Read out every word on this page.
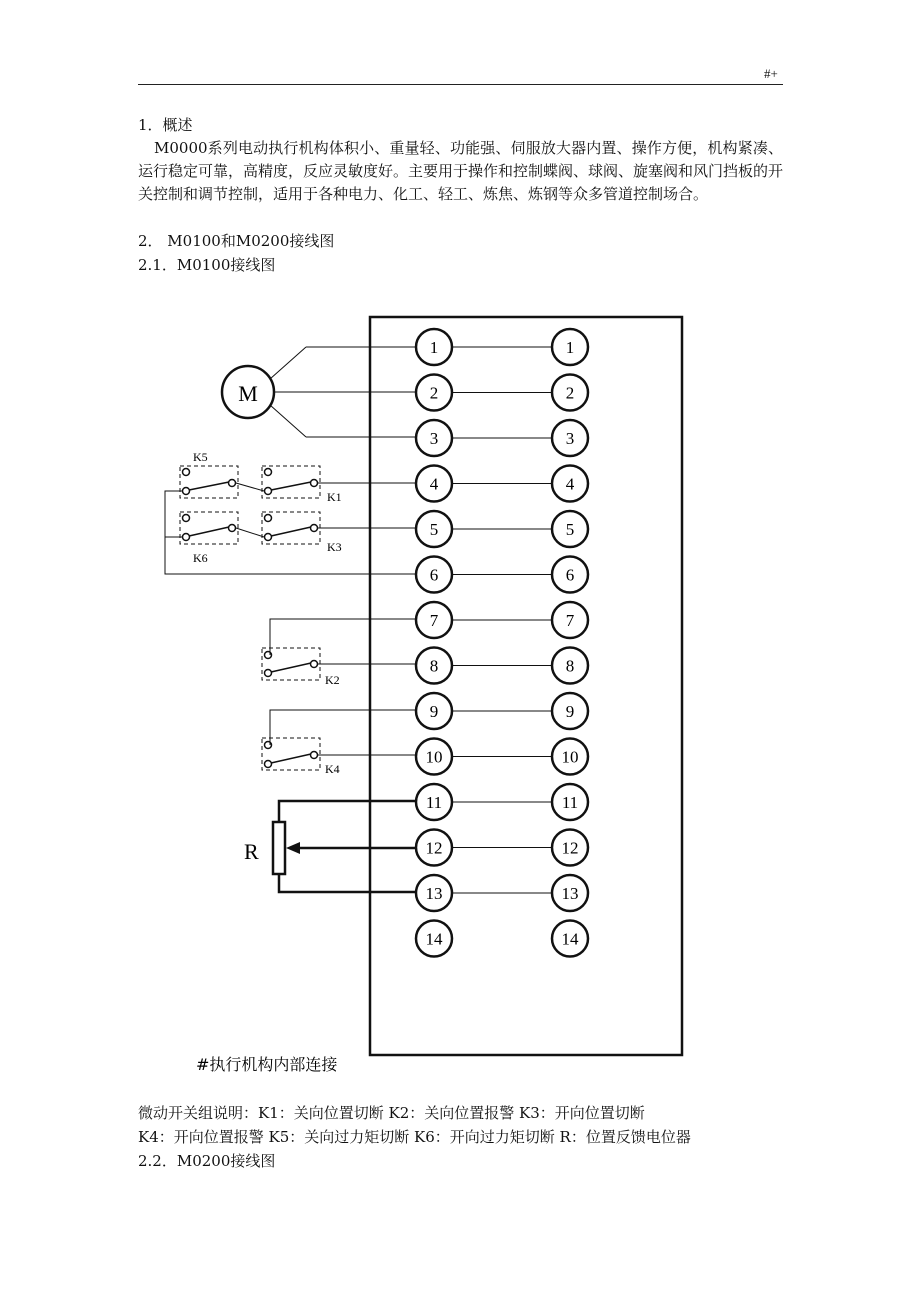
#+
1．概述
M0000系列电动执行机构体积小、重量轻、功能强、伺服放大器内置、操作方便，机构紧凑、运行稳定可靠，高精度，反应灵敏度好。主要用于操作和控制蝶阀、球阀、旋塞阀和风门挡板的开关控制和调节控制，适用于各种电力、化工、轻工、炼焦、炼钢等众多管道控制场合。
2． M0100和M0200接线图
2.1．M0100接线图
1	1
2	2
3	3
4	4
5	5
6	6
7	7
8	8
9	9
10	10
11	11
12	12
13	13
14	14
M
K5
K1
K6
K3
K2
K4
R
#执行机构内部连接
微动开关组说明：K1：关向位置切断 K2：关向位置报警 K3：开向位置切断
K4：开向位置报警 K5：关向过力矩切断 K6：开向过力矩切断 R：位置反馈电位器
2.2．M0200接线图
